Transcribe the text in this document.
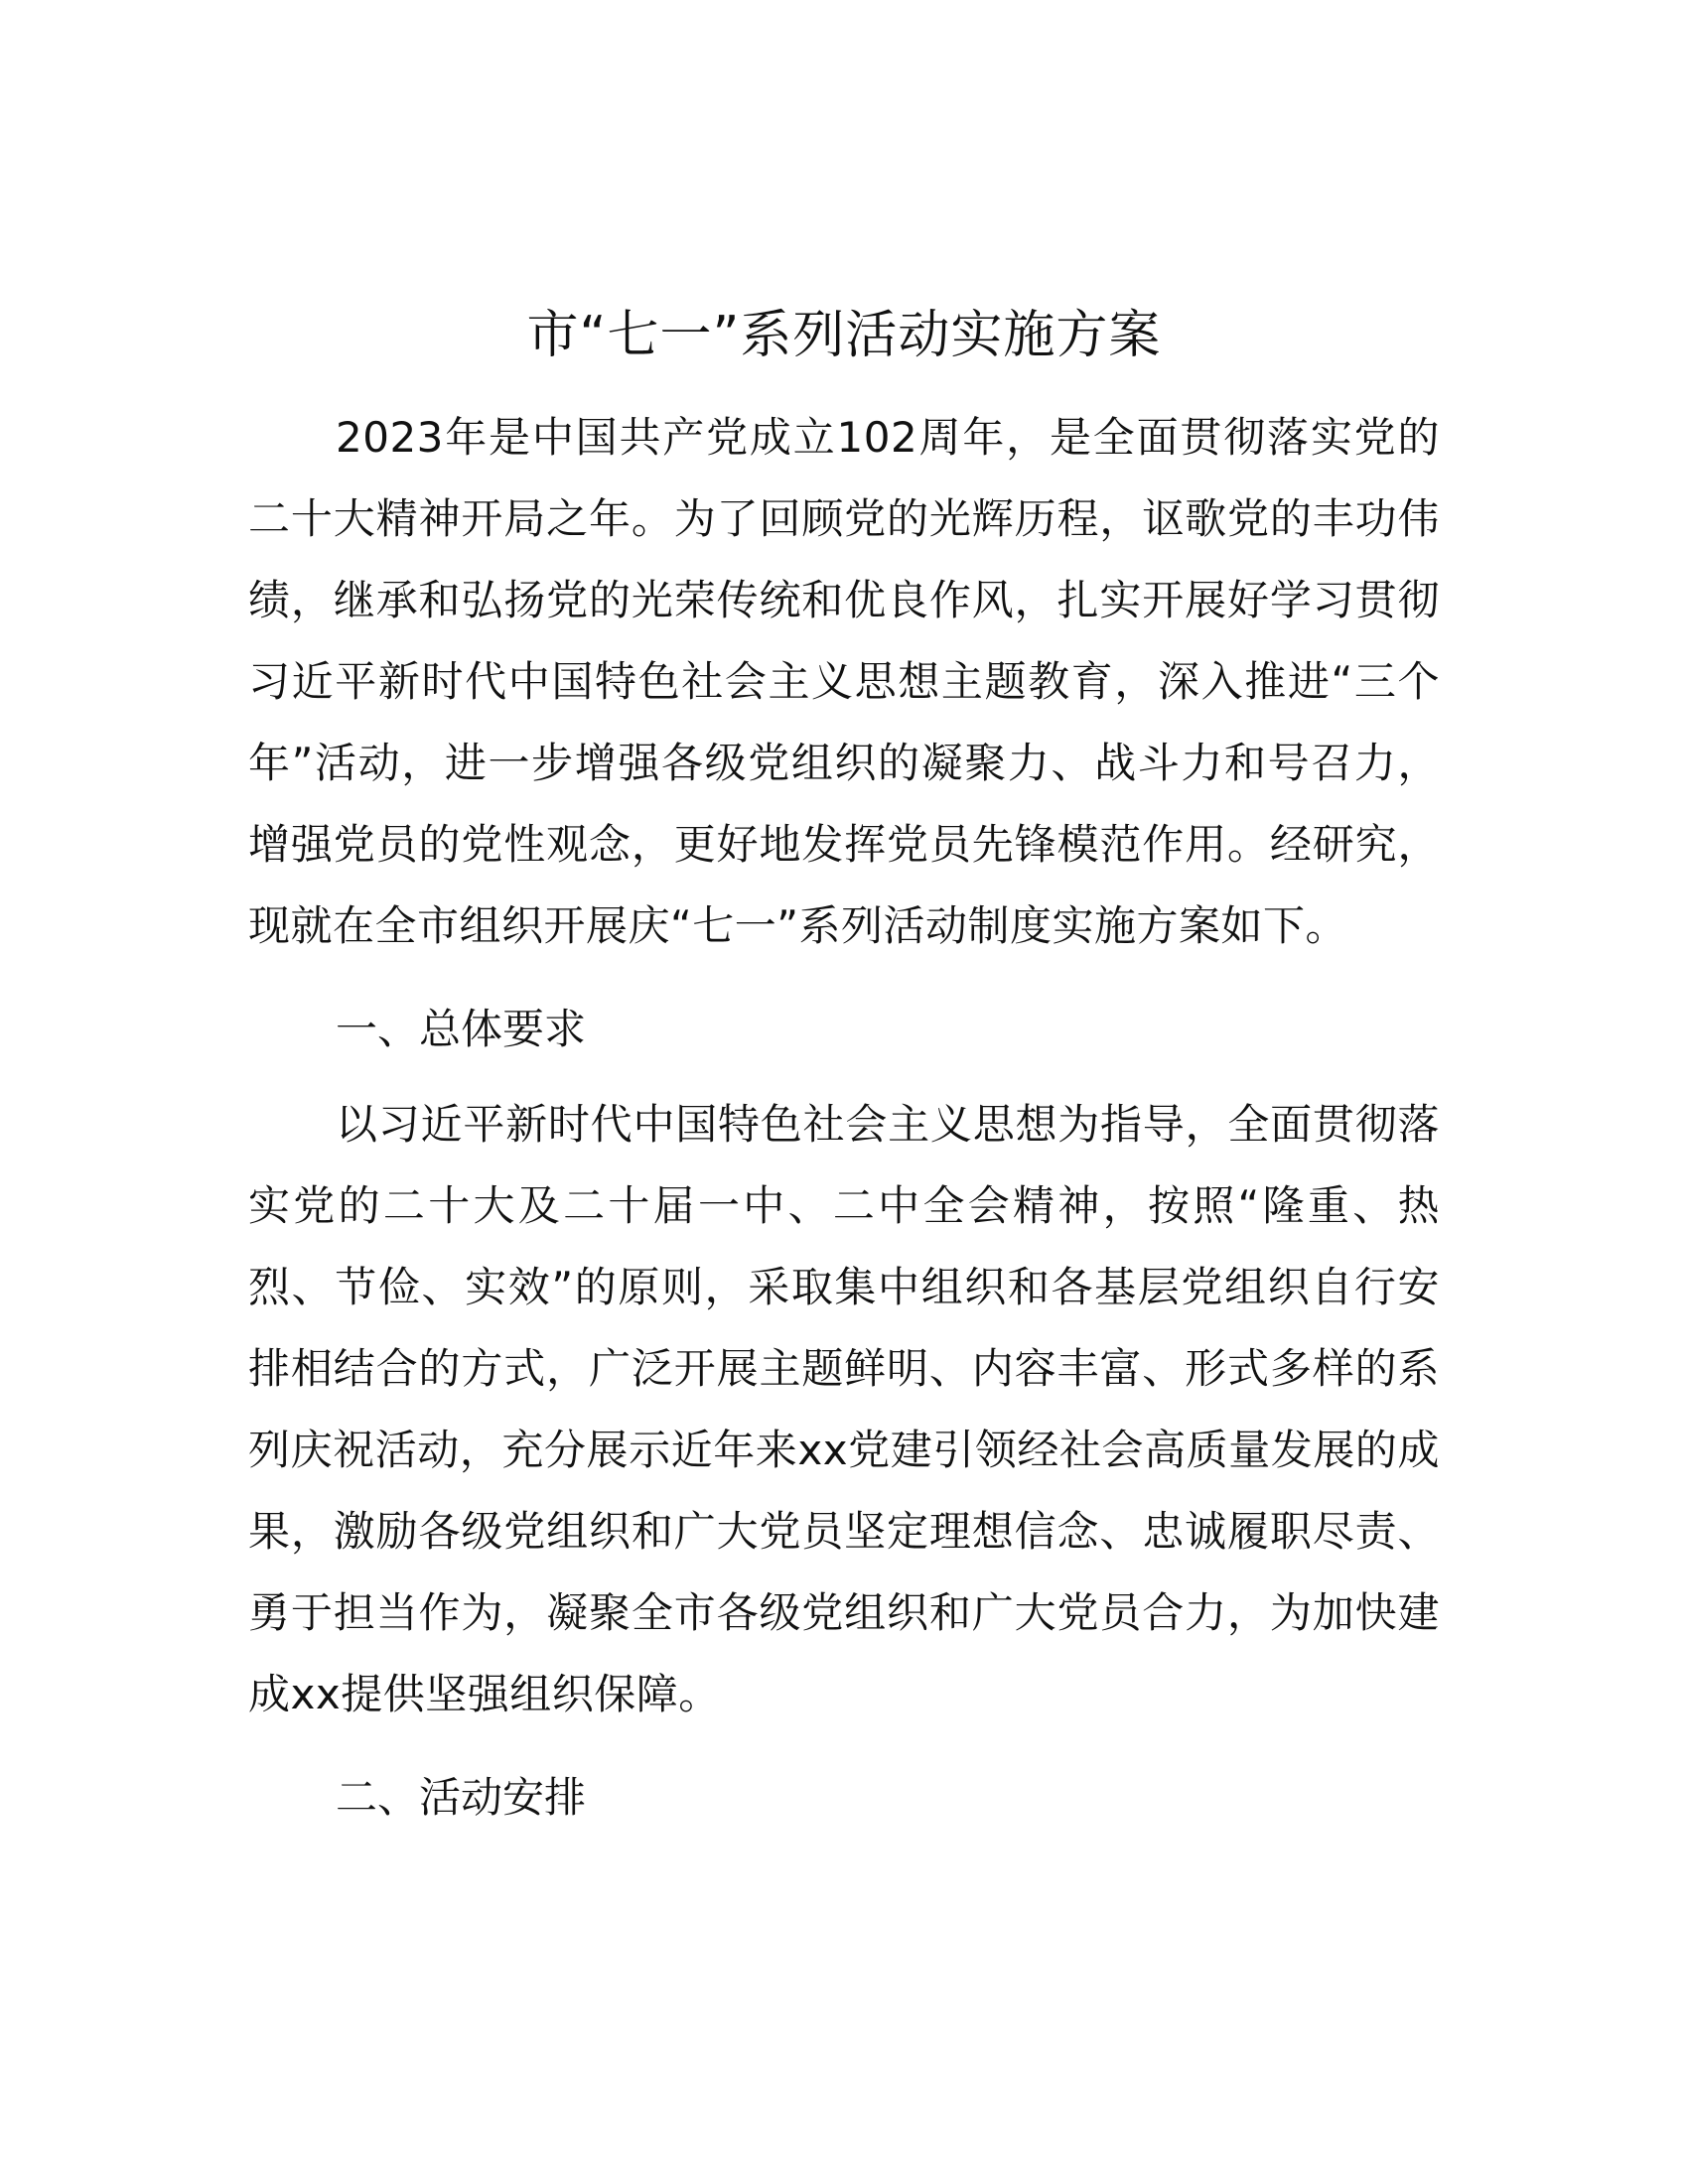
市“七一”系列活动实施方案

2023年是中国共产党成立102周年，是全面贯彻落实党的二十大精神开局之年。为了回顾党的光辉历程，讴歌党的丰功伟绩，继承和弘扬党的光荣传统和优良作风，扎实开展好学习贯彻习近平新时代中国特色社会主义思想主题教育，深入推进“三个年”活动，进一步增强各级党组织的凝聚力、战斗力和号召力，增强党员的党性观念，更好地发挥党员先锋模范作用。经研究，现就在全市组织开展庆“七一”系列活动制度实施方案如下。

一、总体要求

以习近平新时代中国特色社会主义思想为指导，全面贯彻落实党的二十大及二十届一中、二中全会精神，按照“隆重、热烈、节俭、实效”的原则，采取集中组织和各基层党组织自行安排相结合的方式，广泛开展主题鲜明、内容丰富、形式多样的系列庆祝活动，充分展示近年来xx党建引领经社会高质量发展的成果，激励各级党组织和广大党员坚定理想信念、忠诚履职尽责、勇于担当作为，凝聚全市各级党组织和广大党员合力，为加快建成xx提供坚强组织保障。

二、活动安排
